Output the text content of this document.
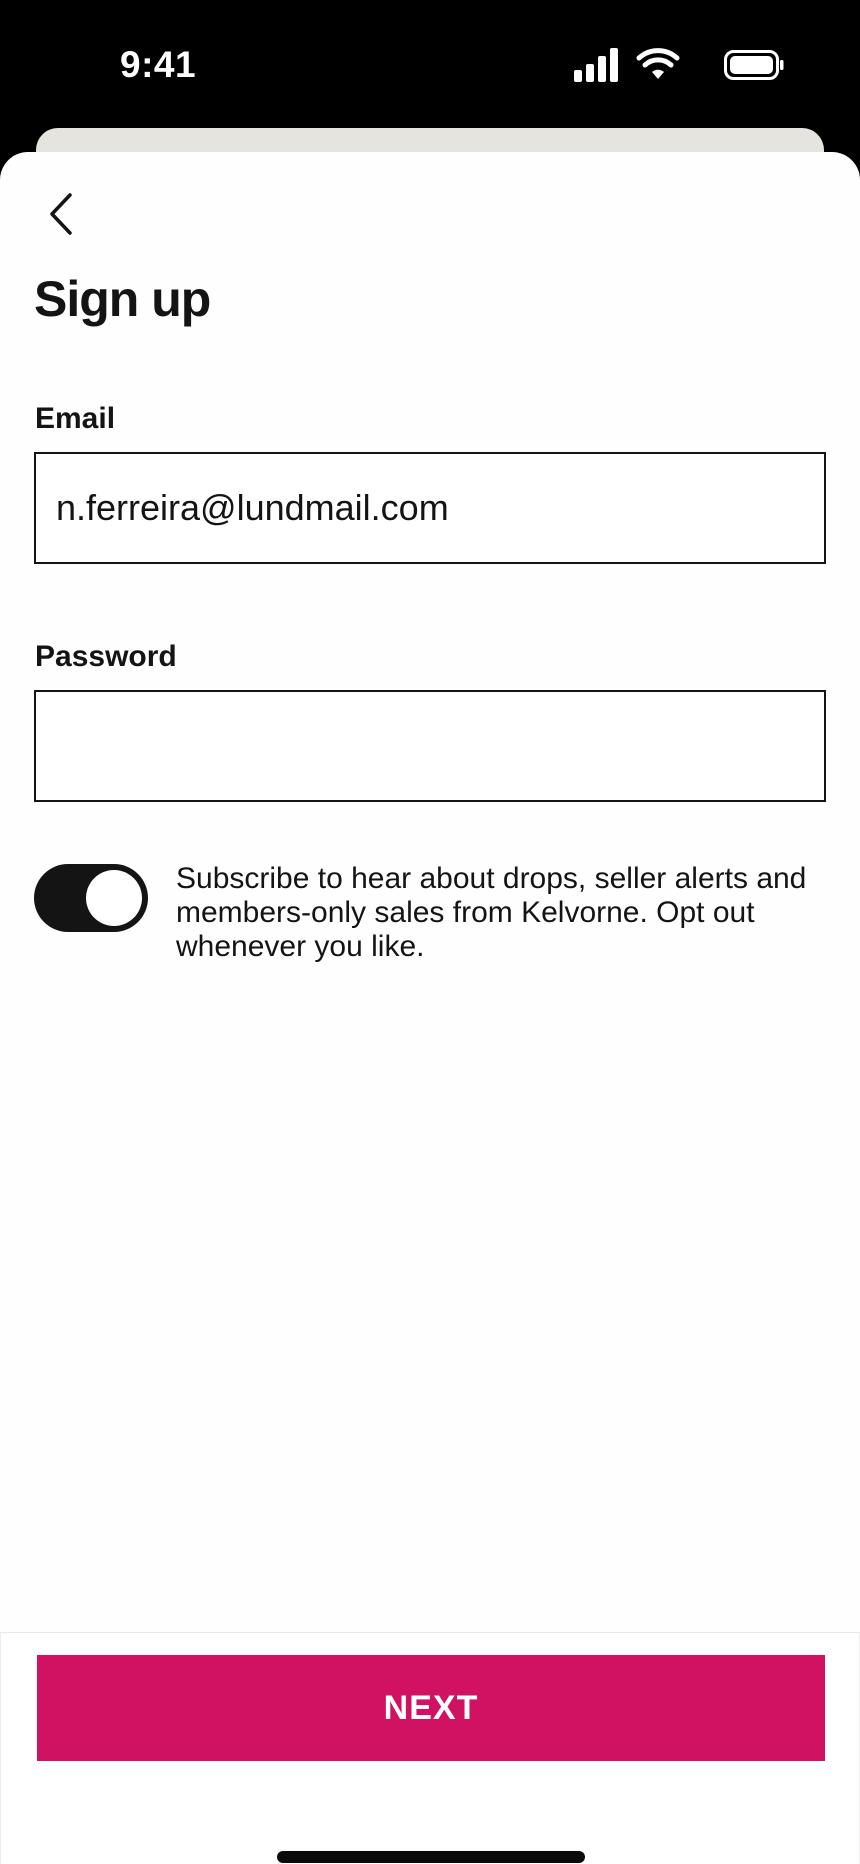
9:41
Sign up
Email
n.ferreira@lundmail.com
Password

Subscribe to hear about drops, seller alerts and members-only sales from Kelvorne. Opt out whenever you like.

NEXT
